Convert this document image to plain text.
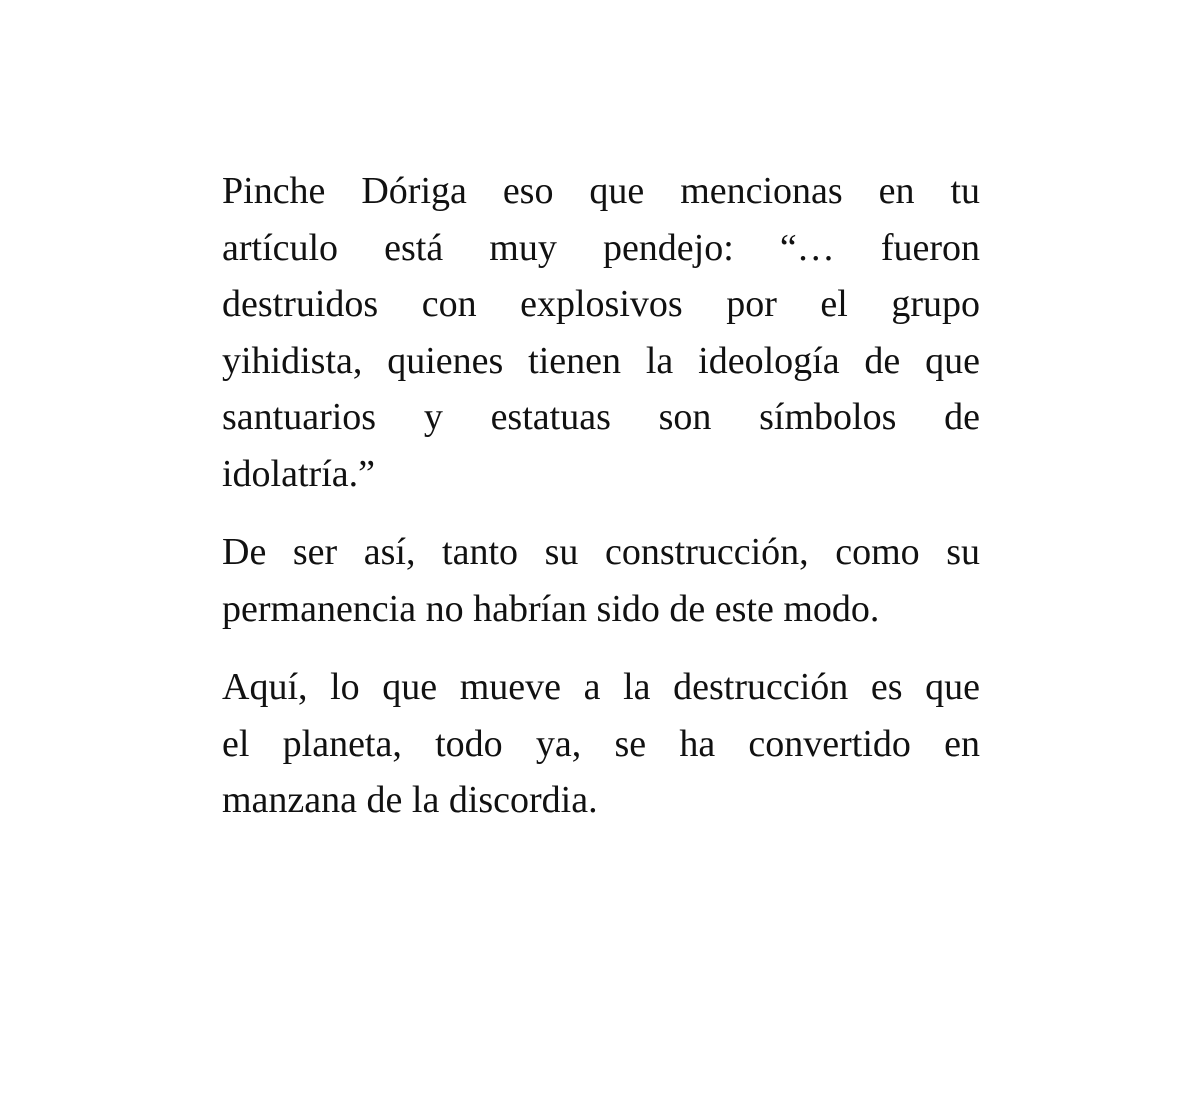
Pinche Dóriga eso que mencionas en tu
artículo está muy pendejo: “… fueron
destruidos con explosivos por el grupo
yihidista, quienes tienen la ideología de que
santuarios y estatuas son símbolos de
idolatría.”

De ser así, tanto su construcción, como su
permanencia no habrían sido de este modo.

Aquí, lo que mueve a la destrucción es que
el planeta, todo ya, se ha convertido en
manzana de la discordia.
